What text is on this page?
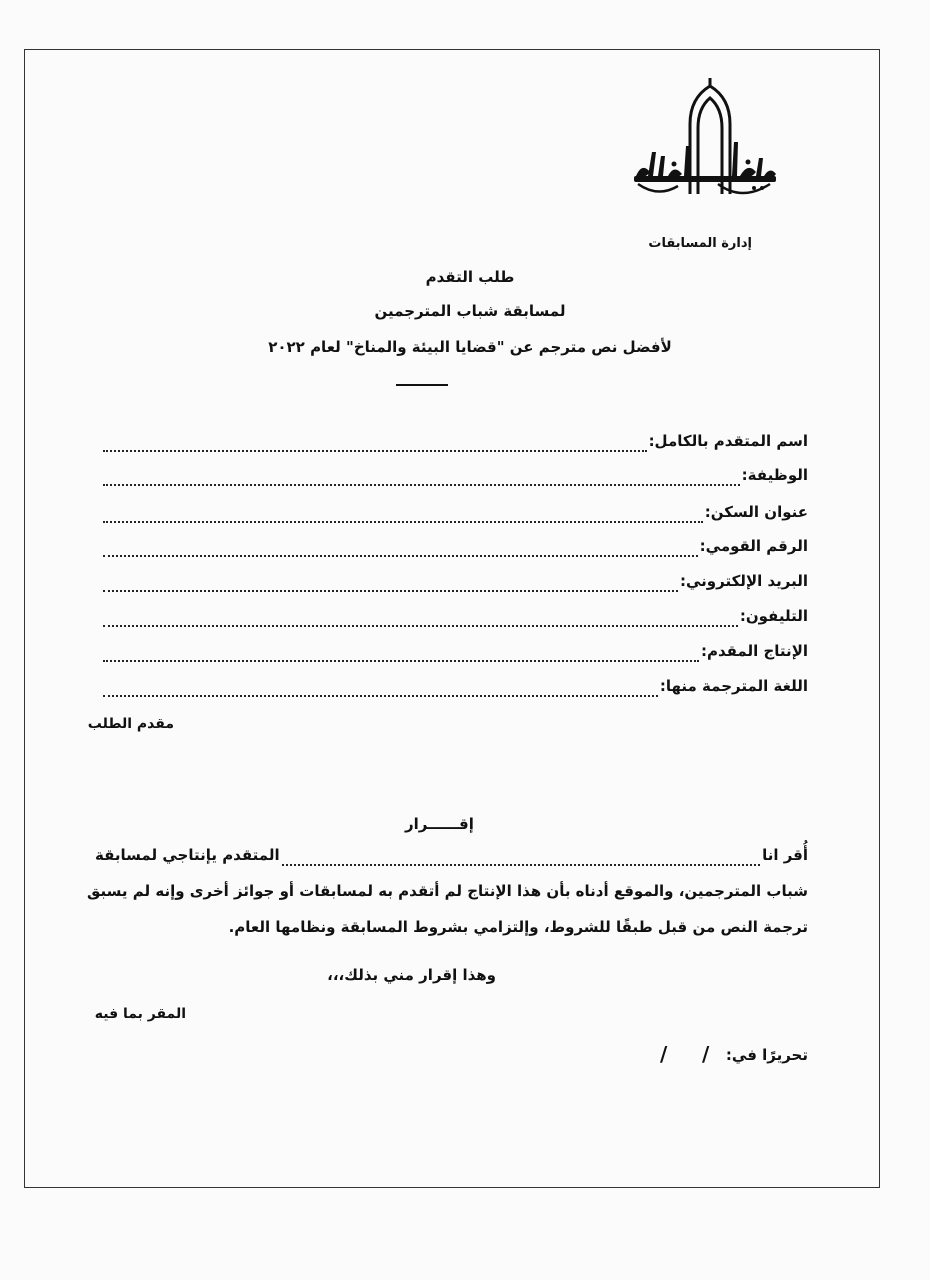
إدارة المسابقات
طلب التقدم
لمسابقة شباب المترجمين
لأفضل نص مترجم عن "قضايا البيئة والمناخ" لعام ٢٠٢٢
اسم المتقدم بالكامل:
الوظيفة:
عنوان السكن:
الرقم القومي:
البريد الإلكتروني:
التليفون:
الإنتاج المقدم:
اللغة المترجمة منها:
مقدم الطلب
إقــــــرار
أُقر انا
المتقدم يإنتاجي لمسابقة
شباب المترجمين، والموقع أدناه بأن هذا الإنتاج لم أتقدم به لمسابقات أو جوائز أخرى وإنه لم يسبق
ترجمة النص من قبل طبقًا للشروط، وإلتزامي بشروط المسابقة ونظامها العام.
وهذا إقرار مني بذلك،،،
المقر بما فيه
تحريرًا في:
/
/
